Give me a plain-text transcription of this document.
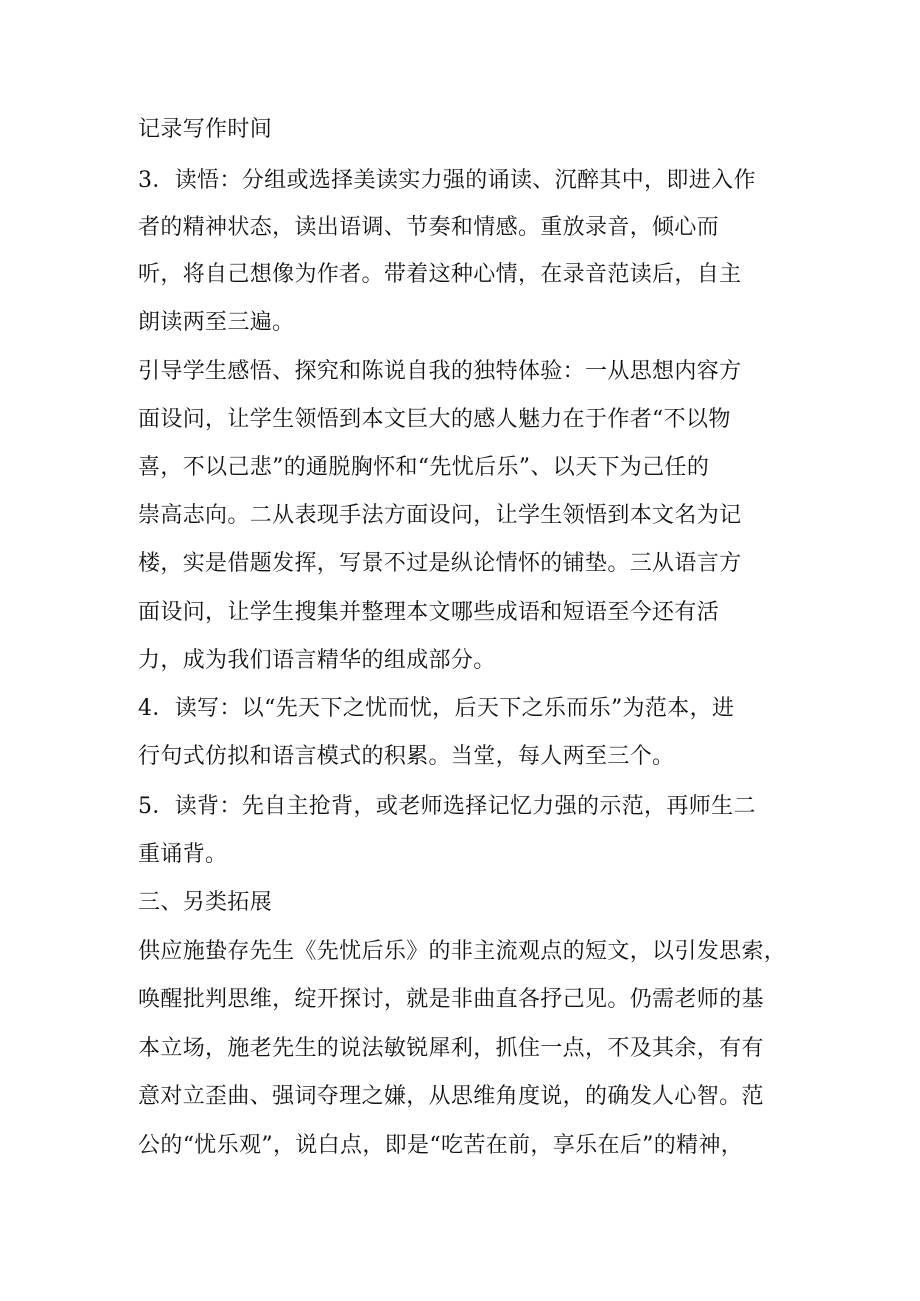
记录写作时间
3．读悟：分组或选择美读实力强的诵读、沉醉其中，即进入作
者的精神状态，读出语调、节奏和情感。重放录音，倾心而
听，将自己想像为作者。带着这种心情，在录音范读后，自主
朗读两至三遍。
引导学生感悟、探究和陈说自我的独特体验：一从思想内容方
面设问，让学生领悟到本文巨大的感人魅力在于作者“不以物
喜，不以己悲”的通脱胸怀和“先忧后乐”、以天下为己任的
崇高志向。二从表现手法方面设问，让学生领悟到本文名为记
楼，实是借题发挥，写景不过是纵论情怀的铺垫。三从语言方
面设问，让学生搜集并整理本文哪些成语和短语至今还有活
力，成为我们语言精华的组成部分。
4．读写：以“先天下之忧而忧，后天下之乐而乐”为范本，进
行句式仿拟和语言模式的积累。当堂，每人两至三个。
5．读背：先自主抢背，或老师选择记忆力强的示范，再师生二
重诵背。
三、另类拓展
供应施蛰存先生《先忧后乐》的非主流观点的短文，以引发思索，
唤醒批判思维，绽开探讨，就是非曲直各抒己见。仍需老师的基
本立场，施老先生的说法敏锐犀利，抓住一点，不及其余，有有
意对立歪曲、强词夺理之嫌，从思维角度说，的确发人心智。范
公的“忧乐观”，说白点，即是“吃苦在前，享乐在后”的精神，
